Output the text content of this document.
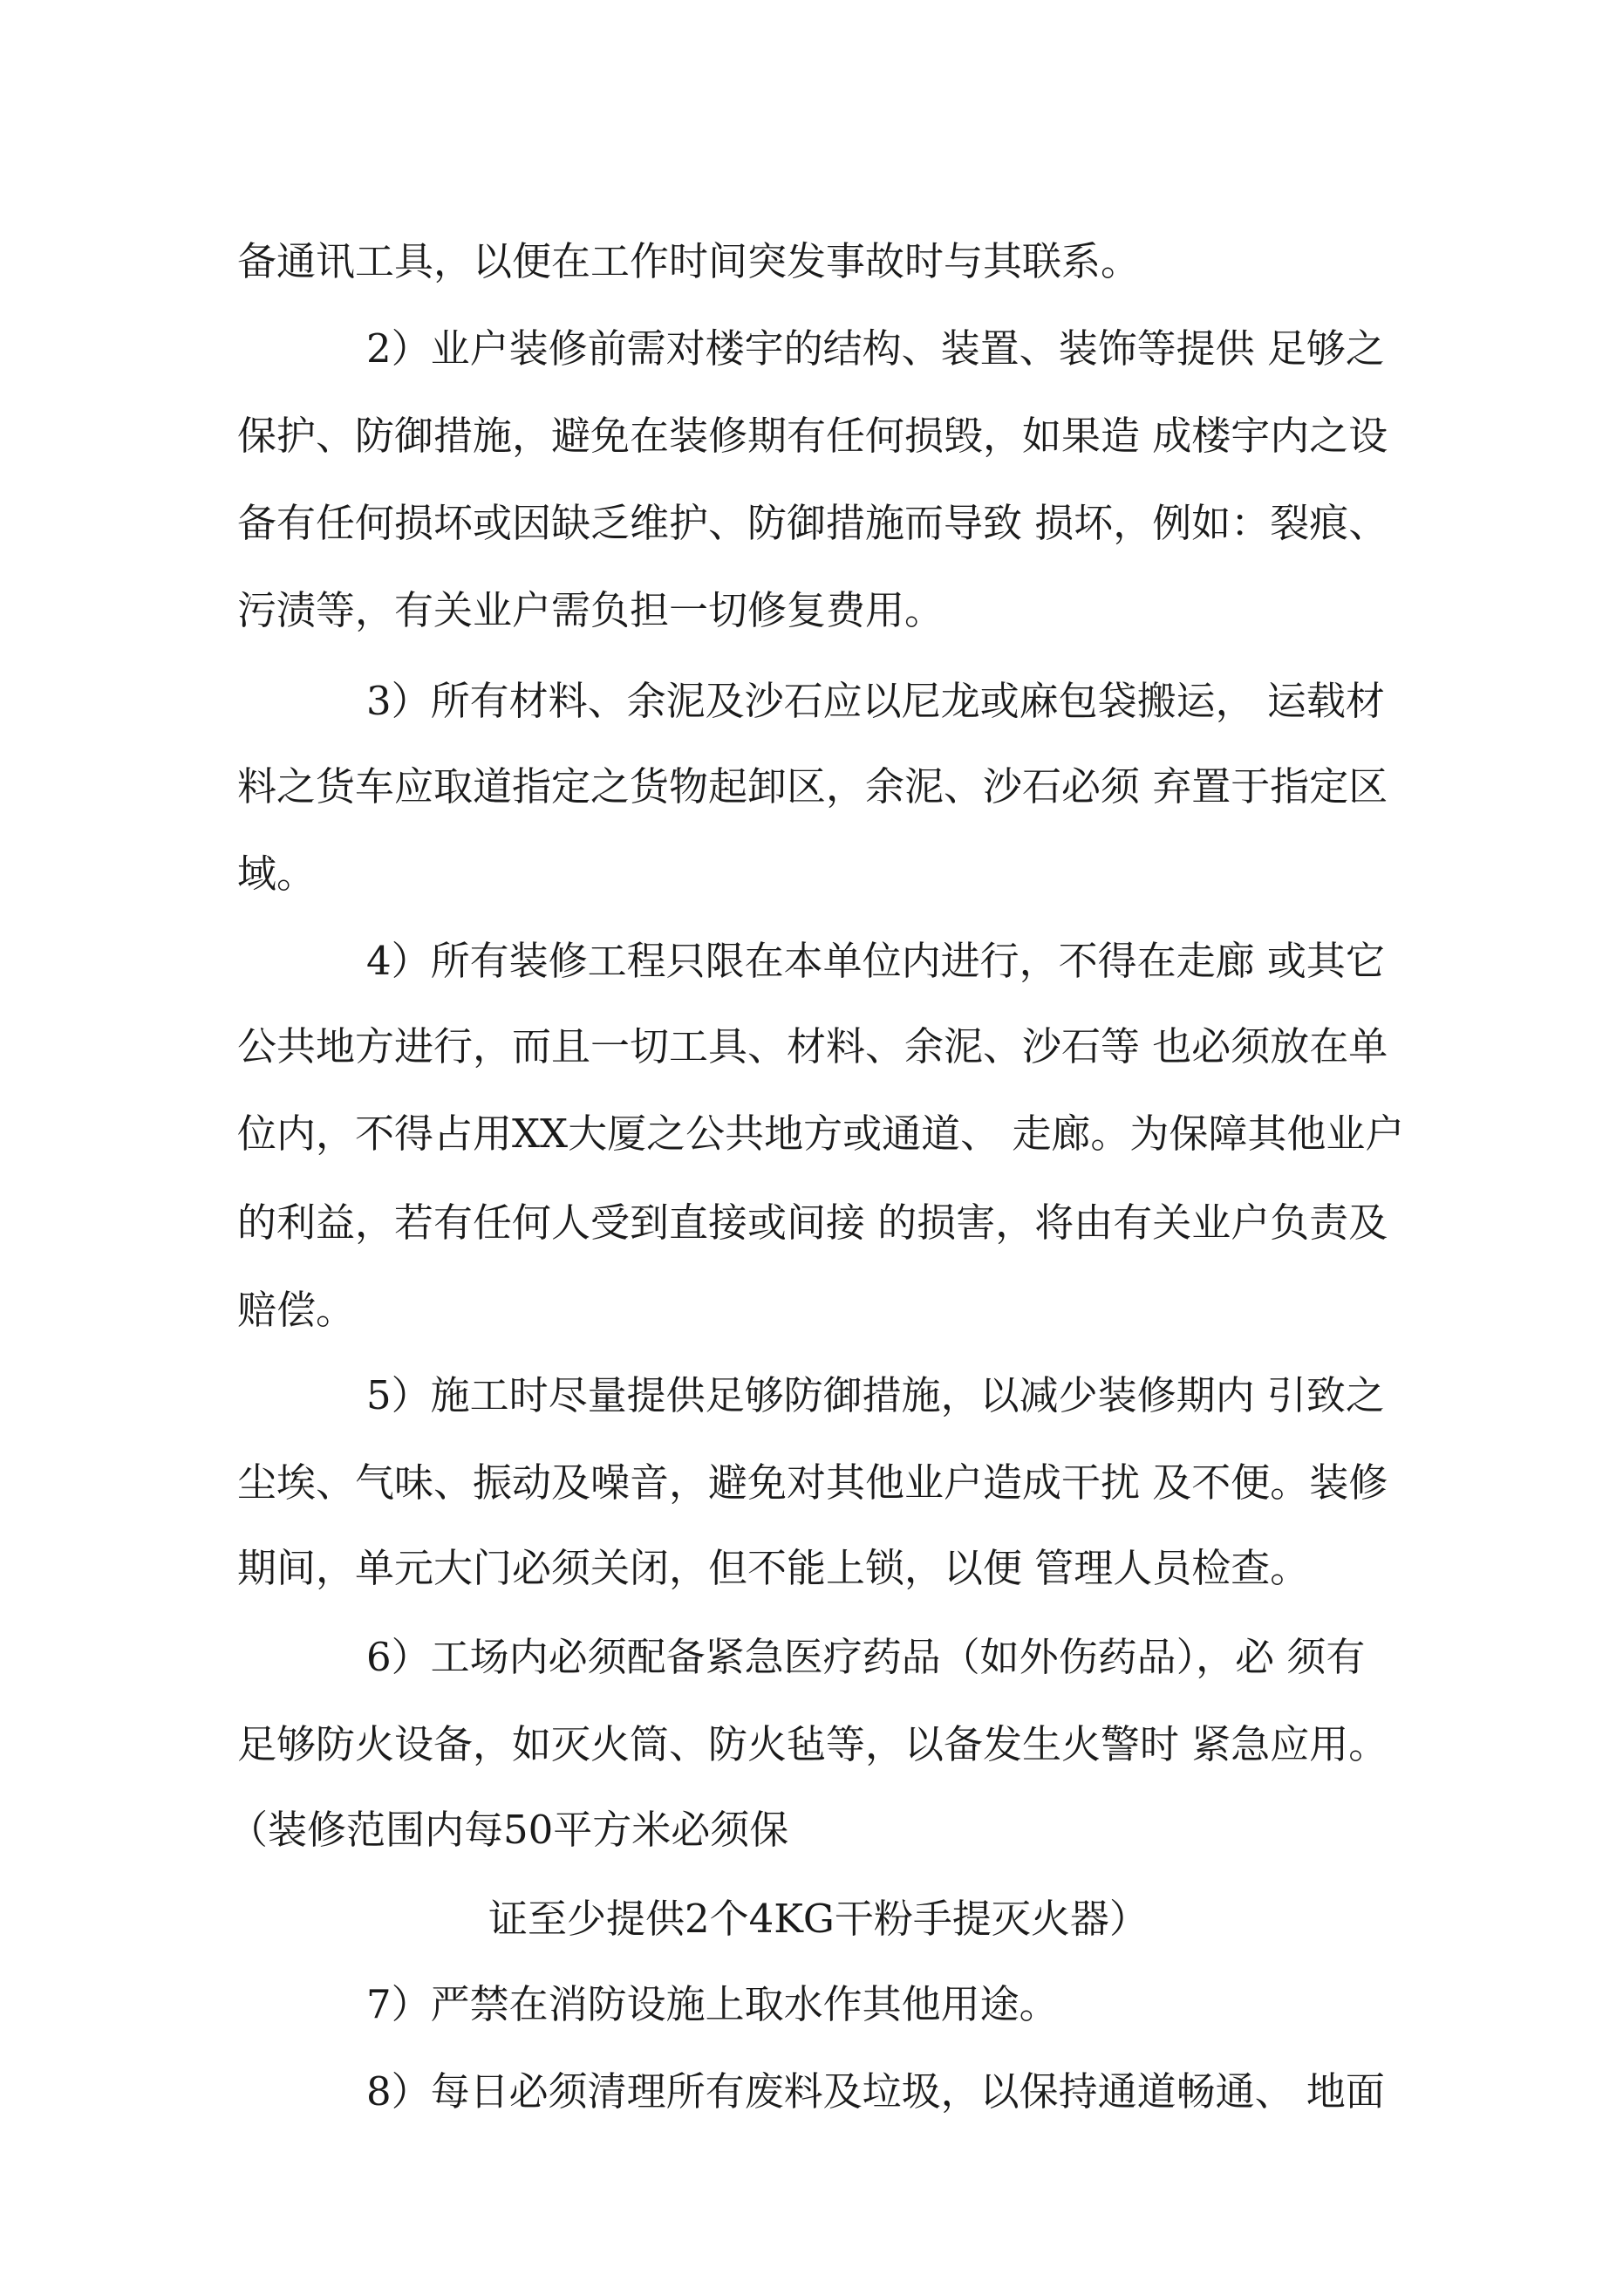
备通讯工具，以便在工作时间突发事故时与其联系。

2）业户装修前需对楼宇的结构、装置、装饰等提供 足够之

保护、防御措施，避免在装修期有任何损毁，如果造 成楼宇内之设

备有任何损坏或因缺乏维护、防御措施而导致 损坏，例如：裂痕、

污渍等，有关业户需负担一切修复费用。

3）所有材料、余泥及沙石应以尼龙或麻包袋搬运， 运载材

料之货车应取道指定之货物起卸区，余泥、沙石必须 弃置于指定区

域。

4）所有装修工程只限在本单位内进行，不得在走廊 或其它

公共地方进行，而且一切工具、材料、余泥、沙石等 也必须放在单

位内，不得占用XX大厦之公共地方或通道、 走廊。为保障其他业户

的利益，若有任何人受到直接或间接 的损害，将由有关业户负责及

赔偿。

5）施工时尽量提供足够防御措施，以减少装修期内 引致之

尘埃、气味、振动及噪音，避免对其他业户造成干扰 及不便。装修

期间，单元大门必须关闭，但不能上锁，以便 管理人员检查。

6）工场内必须配备紧急医疗药品（如外伤药品），必 须有

足够防火设备，如灭火筒、防火毡等，以备发生火警时 紧急应用。

（装修范围内每50平方米必须保

证至少提供2个4KG干粉手提灭火器）

7）严禁在消防设施上取水作其他用途。

8）每日必须清理所有废料及垃圾，以保持通道畅通、 地面
